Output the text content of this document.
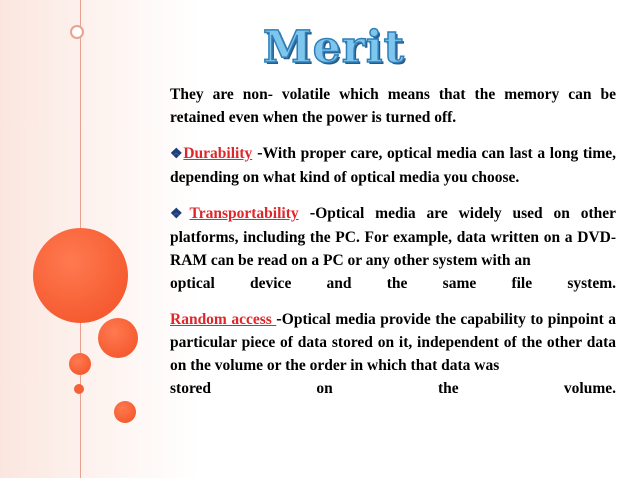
Merit

They are non- volatile which means that the memory can be retained even when the power is turned off.

❖Durability -With proper care, optical media can last a long time, depending on what kind of optical media you choose.

❖Transportability -Optical media are widely used on other platforms, including the PC. For example, data written on a DVD-RAM can be read on a PC or any other system with an
optical device and the same file system.
Random access -Optical media provide the capability to pinpoint a particular piece of data stored on it, independent of the other data on the volume or the order in which that data was
stored on the volume.
